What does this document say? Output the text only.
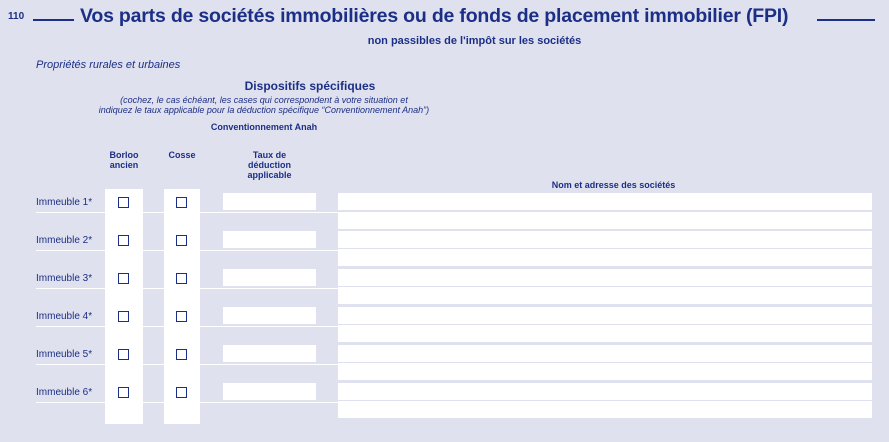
110	Vos parts de sociétés immobilières ou de fonds de placement immobilier (FPI)
non passibles de l'impôt sur les sociétés
Propriétés rurales et urbaines
Dispositifs spécifiques
(cochez, le cas échéant, les cases qui correspondent à votre situation et
indiquez le taux applicable pour la déduction spécifique “Conventionnement Anah”)
Conventionnement Anah
Borloo
ancien
Cosse	Taux de
déduction
applicable
Nom et adresse des sociétés
Immeuble 1*
Immeuble 2*
Immeuble 3*
Immeuble 4*
Immeuble 5*
Immeuble 6*
